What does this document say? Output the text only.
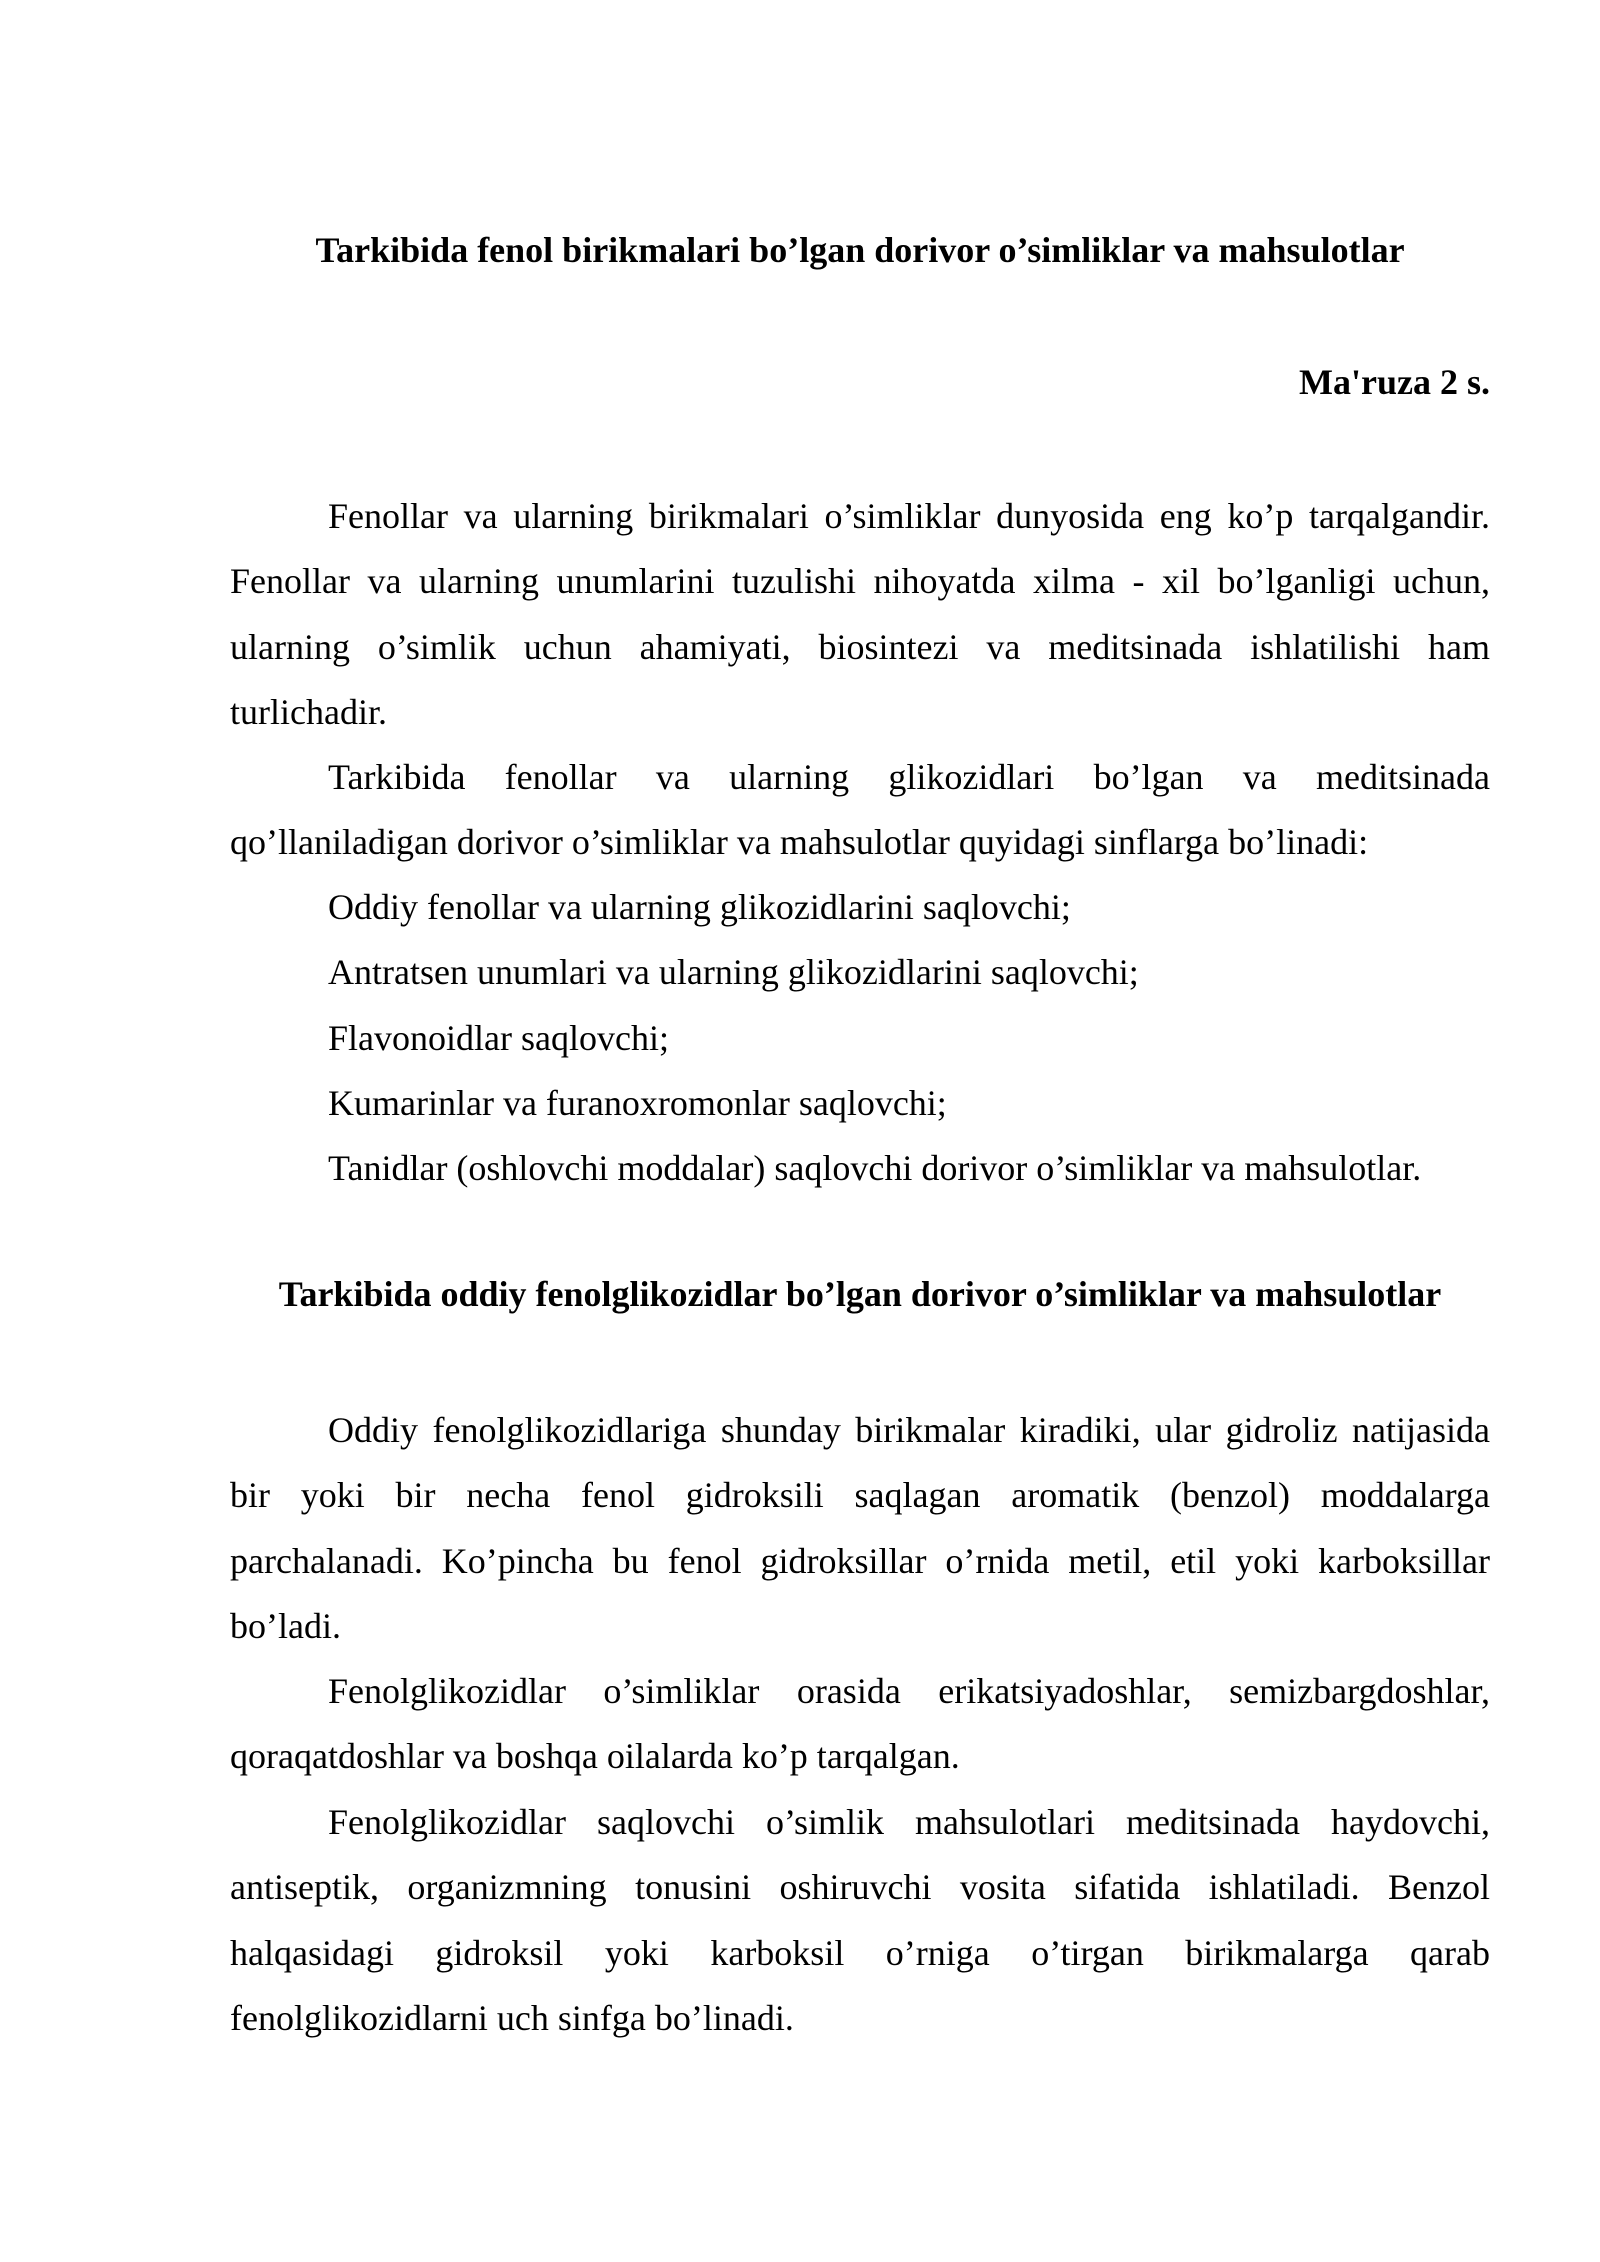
Tarkibida fenol birikmalari bo’lgan dorivor o’simliklar va mahsulotlar

Ma'ruza 2 s.

Fenollar va ularning birikmalari o’simliklar dunyosida eng ko’p tarqalgandir. Fenollar va ularning unumlarini tuzulishi nihoyatda xilma - xil bo’lganligi uchun, ularning o’simlik uchun ahamiyati, biosintezi va meditsinada ishlatilishi ham turlichadir.

Tarkibida fenollar va ularning glikozidlari bo’lgan va meditsinada qo’llaniladigan dorivor o’simliklar va mahsulotlar quyidagi sinflarga bo’linadi:

Oddiy fenollar va ularning glikozidlarini saqlovchi;
Antratsen unumlari va ularning glikozidlarini saqlovchi;
Flavonoidlar saqlovchi;
Kumarinlar va furanoxromonlar saqlovchi;
Tanidlar (oshlovchi moddalar) saqlovchi dorivor o’simliklar va mahsulotlar.
Tarkibida oddiy fenolglikozidlar bo’lgan dorivor o’simliklar va mahsulotlar

Oddiy fenolglikozidlariga shunday birikmalar kiradiki, ular gidroliz natijasida bir yoki bir necha fenol gidroksili saqlagan aromatik (benzol) moddalarga parchalanadi. Ko’pincha bu fenol gidroksillar o’rnida metil, etil yoki karboksillar bo’ladi.

Fenolglikozidlar o’simliklar orasida erikatsiyadoshlar, semizbargdoshlar, qoraqatdoshlar va boshqa oilalarda ko’p tarqalgan.

Fenolglikozidlar saqlovchi o’simlik mahsulotlari meditsinada haydovchi, antiseptik, organizmning tonusini oshiruvchi vosita sifatida ishlatiladi. Benzol halqasidagi gidroksil yoki karboksil o’rniga o’tirgan birikmalarga qarab fenolglikozidlarni uch sinfga bo’linadi.
